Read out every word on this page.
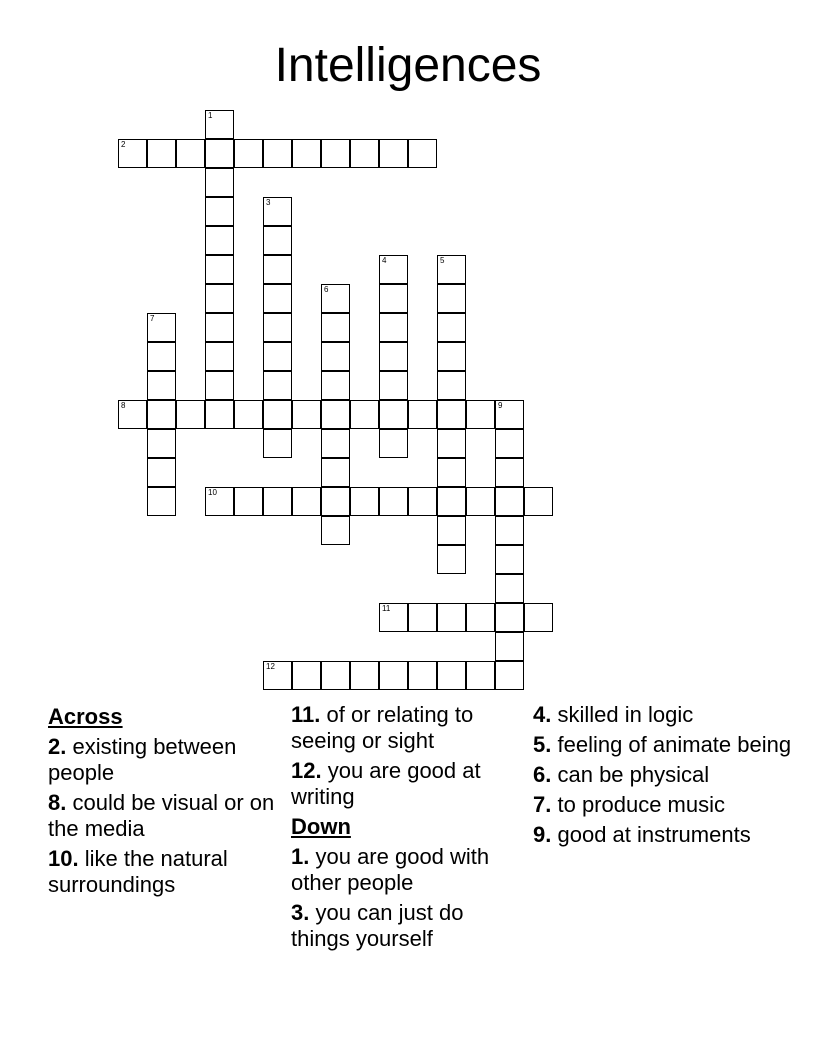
Intelligences
1
2
3
4	5
6
7
8	9
10
11
12
Across
2. existing between people
8. could be visual or on the media
10. like the natural surroundings
11. of or relating to seeing or sight
12. you are good at writing
Down
1. you are good with other people
3. you can just do things yourself
4. skilled in logic
5. feeling of animate being
6. can be physical
7. to produce music
9. good at instruments
